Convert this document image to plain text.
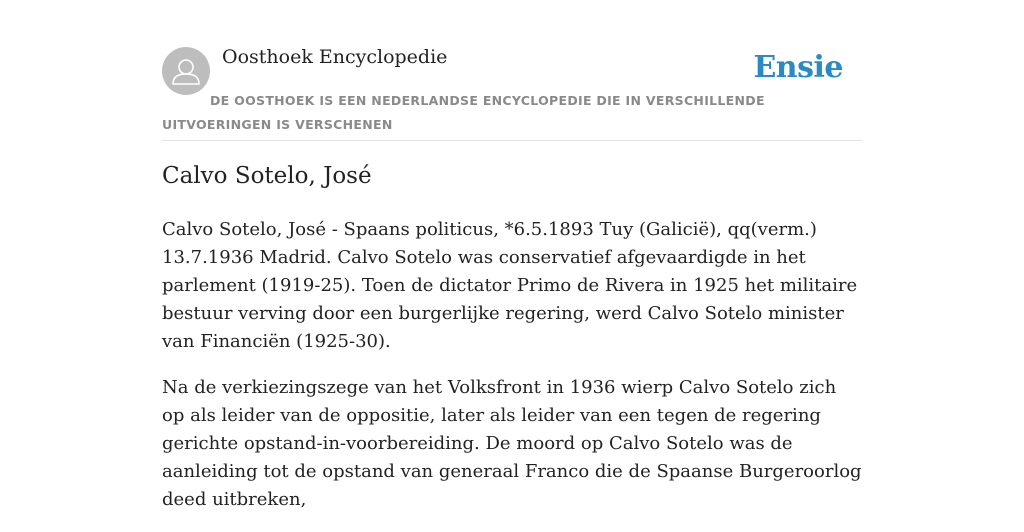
Oosthoek Encyclopedie	Ensie
DE OOSTHOEK IS EEN NEDERLANDSE ENCYCLOPEDIE DIE IN VERSCHILLENDE UITVOERINGEN IS VERSCHENEN
Calvo Sotelo, José

Calvo Sotelo, José - Spaans politicus, *6.5.1893 Tuy (Galicië), qq(verm.) 13.7.1936 Madrid. Calvo Sotelo was conservatief afgevaardigde in het parlement (1919-25). Toen de dictator Primo de Rivera in 1925 het militaire bestuur verving door een burgerlijke regering, werd Calvo Sotelo minister van Financiën (1925-30).

Na de verkiezingszege van het Volksfront in 1936 wierp Calvo Sotelo zich op als leider van de oppositie, later als leider van een tegen de regering gerichte opstand-in-voorbereiding. De moord op Calvo Sotelo was de aanleiding tot de opstand van generaal Franco die de Spaanse Burgeroorlog deed uitbreken,
